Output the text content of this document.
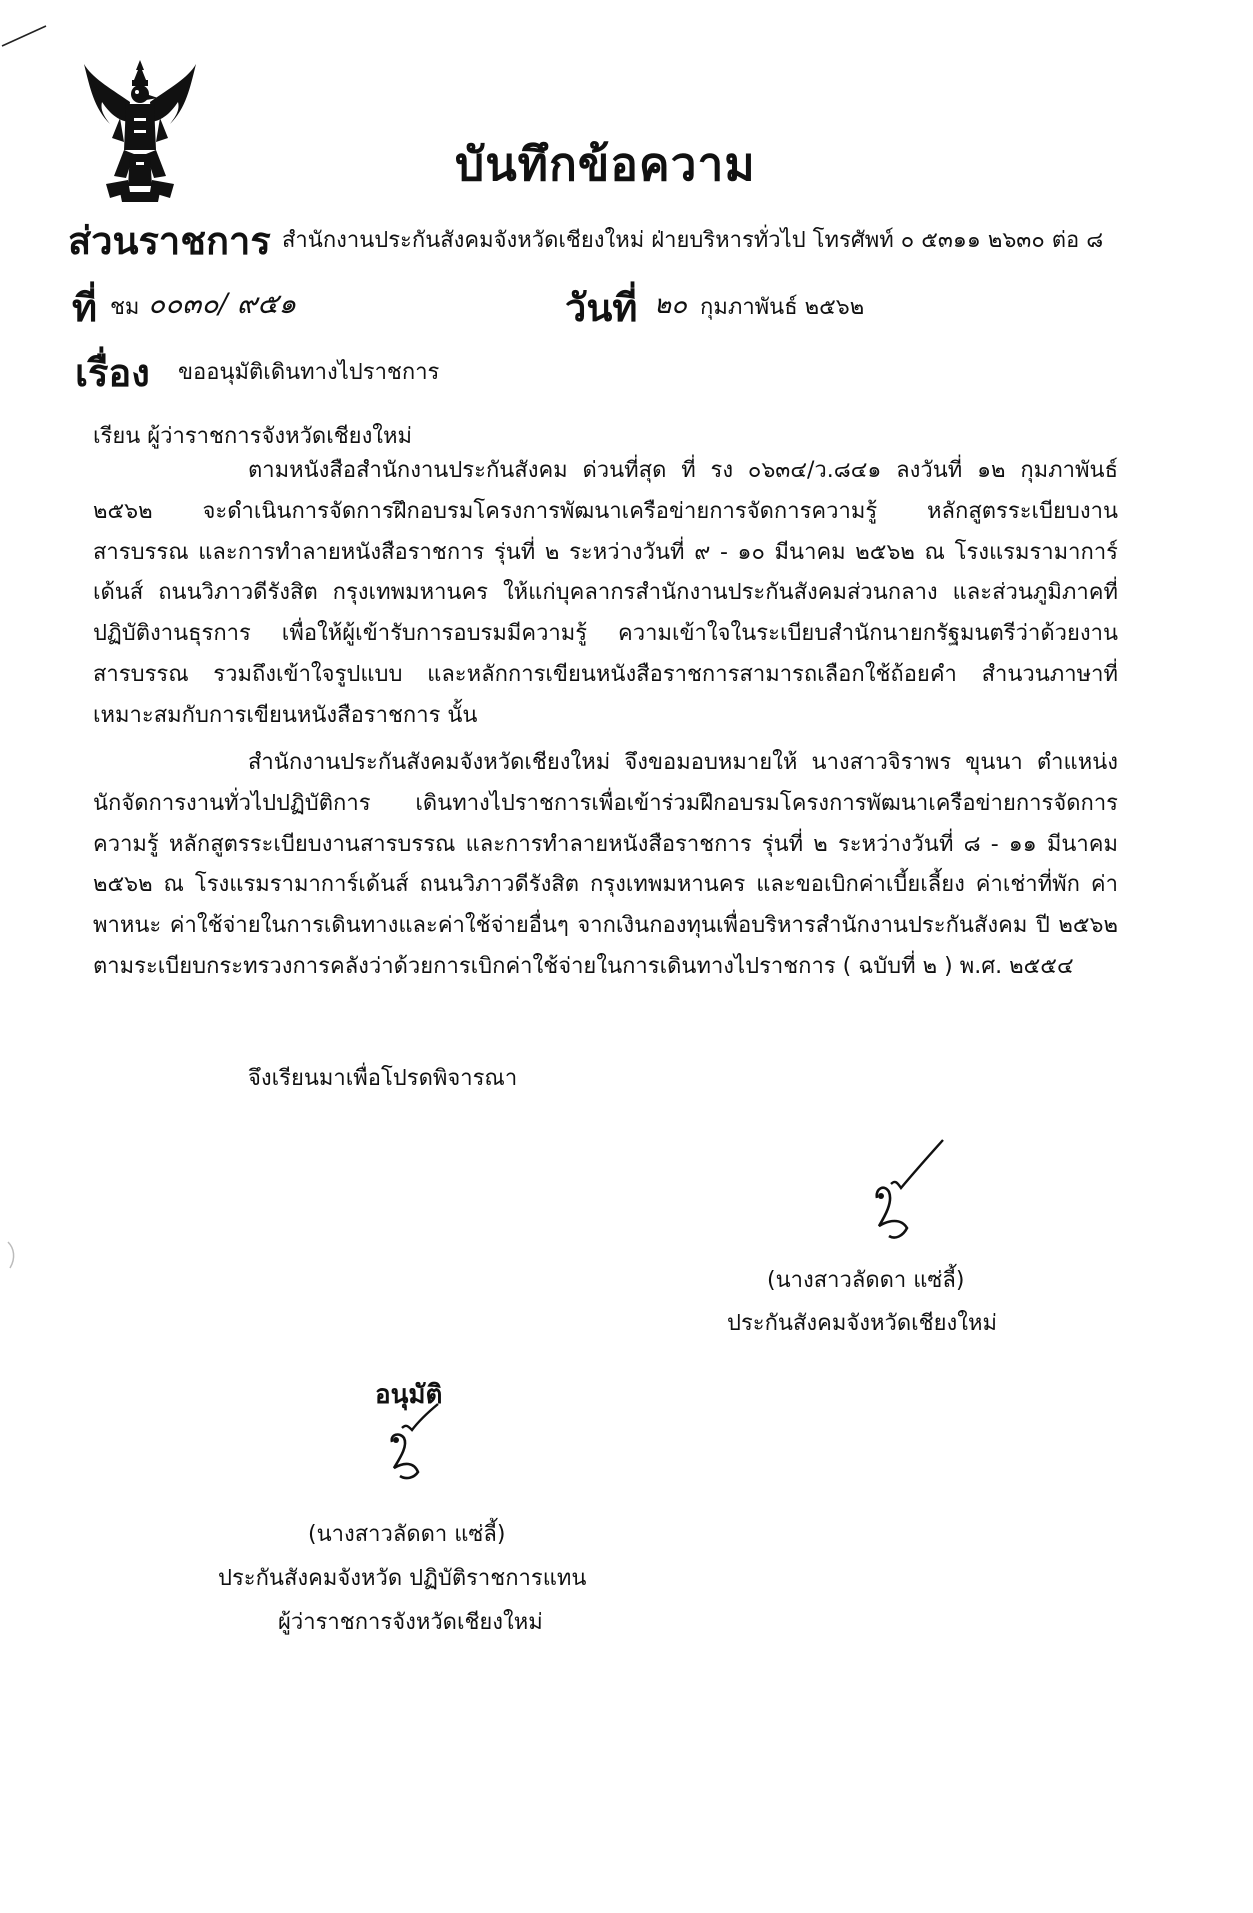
บันทึกข้อความ
ส่วนราชการ สำนักงานประกันสังคมจังหวัดเชียงใหม่ ฝ่ายบริหารทั่วไป โทรศัพท์ ๐ ๕๓๑๑ ๒๖๓๐ ต่อ ๘
ที่ ชม ๐๐๓๐/ ๙๕๑	วันที่ ๒๐ กุมภาพันธ์ ๒๕๖๒
เรื่อง ขออนุมัติเดินทางไปราชการ
เรียน ผู้ว่าราชการจังหวัดเชียงใหม่

ตามหนังสือสำนักงานประกันสังคม ด่วนที่สุด ที่ รง ๐๖๓๔/ว.๘๔๑ ลงวันที่ ๑๒ กุมภาพันธ์ ๒๕๖๒ จะดำเนินการจัดการฝึกอบรมโครงการพัฒนาเครือข่ายการจัดการความรู้ หลักสูตรระเบียบงานสารบรรณ และการทำลายหนังสือราชการ รุ่นที่ ๒ ระหว่างวันที่ ๙ - ๑๐ มีนาคม ๒๕๖๒ ณ โรงแรมรามาการ์เด้นส์ ถนนวิภาวดีรังสิต กรุงเทพมหานคร ให้แก่บุคลากรสำนักงานประกันสังคมส่วนกลาง และส่วนภูมิภาคที่ปฏิบัติงานธุรการ เพื่อให้ผู้เข้ารับการอบรมมีความรู้ ความเข้าใจในระเบียบสำนักนายกรัฐมนตรีว่าด้วยงานสารบรรณ รวมถึงเข้าใจรูปแบบ และหลักการเขียนหนังสือราชการสามารถเลือกใช้ถ้อยคำ สำนวนภาษาที่เหมาะสมกับการเขียนหนังสือราชการ นั้น

สำนักงานประกันสังคมจังหวัดเชียงใหม่ จึงขอมอบหมายให้ นางสาวจิราพร ขุนนา ตำแหน่ง นักจัดการงานทั่วไปปฏิบัติการ เดินทางไปราชการเพื่อเข้าร่วมฝึกอบรมโครงการพัฒนาเครือข่ายการจัดการความรู้ หลักสูตรระเบียบงานสารบรรณ และการทำลายหนังสือราชการ รุ่นที่ ๒ ระหว่างวันที่ ๘ - ๑๑ มีนาคม ๒๕๖๒ ณ โรงแรมรามาการ์เด้นส์ ถนนวิภาวดีรังสิต กรุงเทพมหานคร และขอเบิกค่าเบี้ยเลี้ยง ค่าเช่าที่พัก ค่าพาหนะ ค่าใช้จ่ายในการเดินทางและค่าใช้จ่ายอื่นๆ จากเงินกองทุนเพื่อบริหารสำนักงานประกันสังคม ปี ๒๕๖๒ ตามระเบียบกระทรวงการคลังว่าด้วยการเบิกค่าใช้จ่ายในการเดินทางไปราชการ ( ฉบับที่ ๒ ) พ.ศ. ๒๕๕๔

จึงเรียนมาเพื่อโปรดพิจารณา
(นางสาวลัดดา แซ่ลี้)
ประกันสังคมจังหวัดเชียงใหม่
อนุมัติ
(นางสาวลัดดา แซ่ลี้)
ประกันสังคมจังหวัด ปฏิบัติราชการแทน
ผู้ว่าราชการจังหวัดเชียงใหม่
